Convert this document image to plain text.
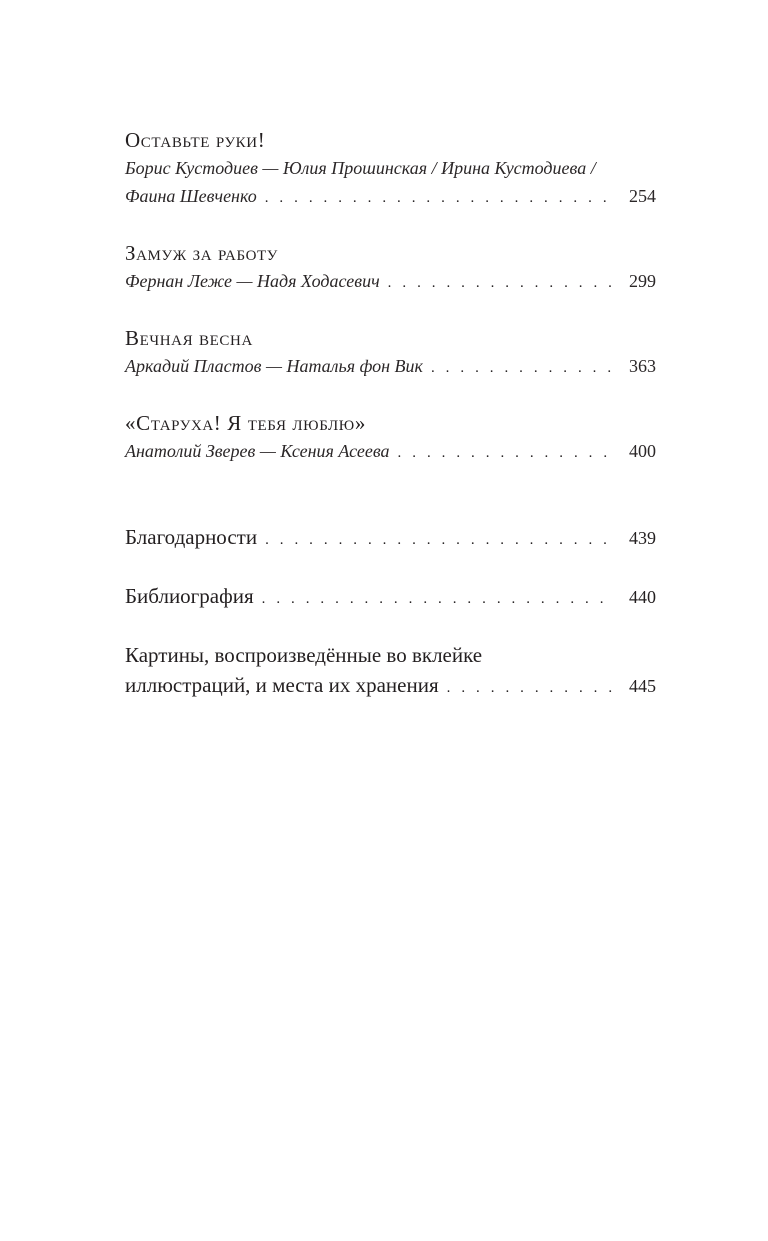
Оставьте руки!
Борис Кустодиев — Юлия Прошинская / Ирина Кустодиева /
Фаина Шевченко . . .	254
Замуж за работу
Фернан Леже — Надя Ходасевич . . .	299
Вечная весна
Аркадий Пластов — Наталья фон Вик . . .	363
«Старуха! Я тебя люблю»
Анатолий Зверев — Ксения Асеева . . .	400
Благодарности . . .	439
Библиография . . .	440
Картины, воспроизведённые во вклейке
иллюстраций, и места их хранения . . .	445
